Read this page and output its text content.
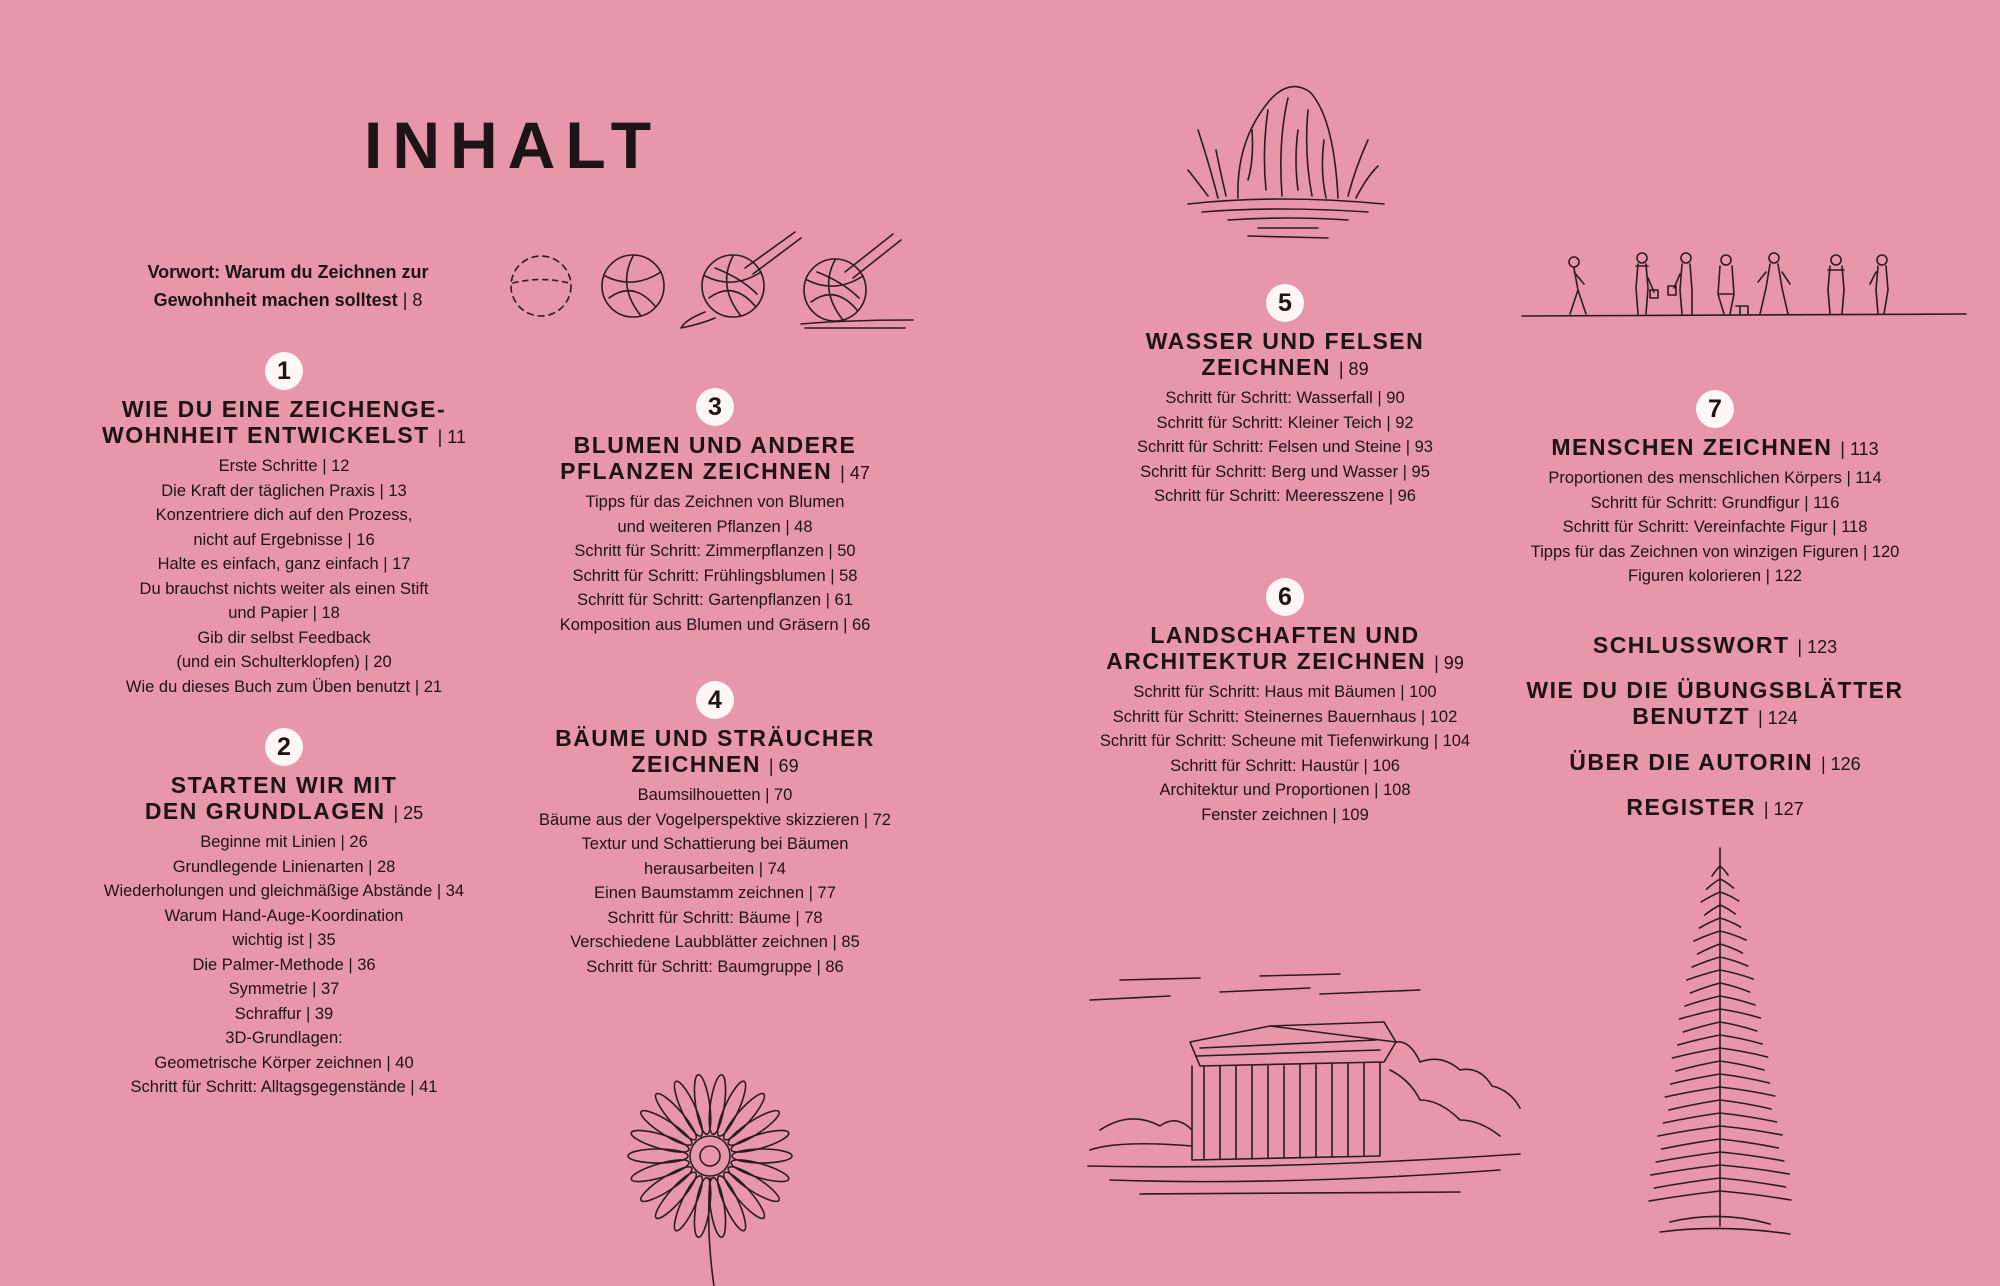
INHALT
Vorwort: Warum du Zeichnen zur
Gewohnheit machen solltest | 8
1
WIE DU EINE ZEICHENGE-
WOHNHEIT ENTWICKELST | 11
Erste Schritte | 12
Die Kraft der täglichen Praxis | 13
Konzentriere dich auf den Prozess,
nicht auf Ergebnisse | 16
Halte es einfach, ganz einfach | 17
Du brauchst nichts weiter als einen Stift
und Papier | 18
Gib dir selbst Feedback
(und ein Schulterklopfen) | 20
Wie du dieses Buch zum Üben benutzt | 21
2
STARTEN WIR MIT
DEN GRUNDLAGEN | 25
Beginne mit Linien | 26
Grundlegende Linienarten | 28
Wiederholungen und gleichmäßige Abstände | 34
Warum Hand-Auge-Koordination
wichtig ist | 35
Die Palmer-Methode | 36
Symmetrie | 37
Schraffur | 39
3D-Grundlagen:
Geometrische Körper zeichnen | 40
Schritt für Schritt: Alltagsgegenstände | 41
3
BLUMEN UND ANDERE
PFLANZEN ZEICHNEN | 47
Tipps für das Zeichnen von Blumen
und weiteren Pflanzen | 48
Schritt für Schritt: Zimmerpflanzen | 50
Schritt für Schritt: Frühlingsblumen | 58
Schritt für Schritt: Gartenpflanzen | 61
Komposition aus Blumen und Gräsern | 66
4
BÄUME UND STRÄUCHER
ZEICHNEN | 69
Baumsilhouetten | 70
Bäume aus der Vogelperspektive skizzieren | 72
Textur und Schattierung bei Bäumen
herausarbeiten | 74
Einen Baumstamm zeichnen | 77
Schritt für Schritt: Bäume | 78
Verschiedene Laubblätter zeichnen | 85
Schritt für Schritt: Baumgruppe | 86
5
WASSER UND FELSEN
ZEICHNEN | 89
Schritt für Schritt: Wasserfall | 90
Schritt für Schritt: Kleiner Teich | 92
Schritt für Schritt: Felsen und Steine | 93
Schritt für Schritt: Berg und Wasser | 95
Schritt für Schritt: Meeresszene | 96
6
LANDSCHAFTEN UND
ARCHITEKTUR ZEICHNEN | 99
Schritt für Schritt: Haus mit Bäumen | 100
Schritt für Schritt: Steinernes Bauernhaus | 102
Schritt für Schritt: Scheune mit Tiefenwirkung | 104
Schritt für Schritt: Haustür | 106
Architektur und Proportionen | 108
Fenster zeichnen | 109
7
MENSCHEN ZEICHNEN | 113
Proportionen des menschlichen Körpers | 114
Schritt für Schritt: Grundfigur | 116
Schritt für Schritt: Vereinfachte Figur | 118
Tipps für das Zeichnen von winzigen Figuren | 120
Figuren kolorieren | 122
SCHLUSSWORT | 123
WIE DU DIE ÜBUNGSBLÄTTER
BENUTZT | 124
ÜBER DIE AUTORIN | 126
REGISTER | 127
